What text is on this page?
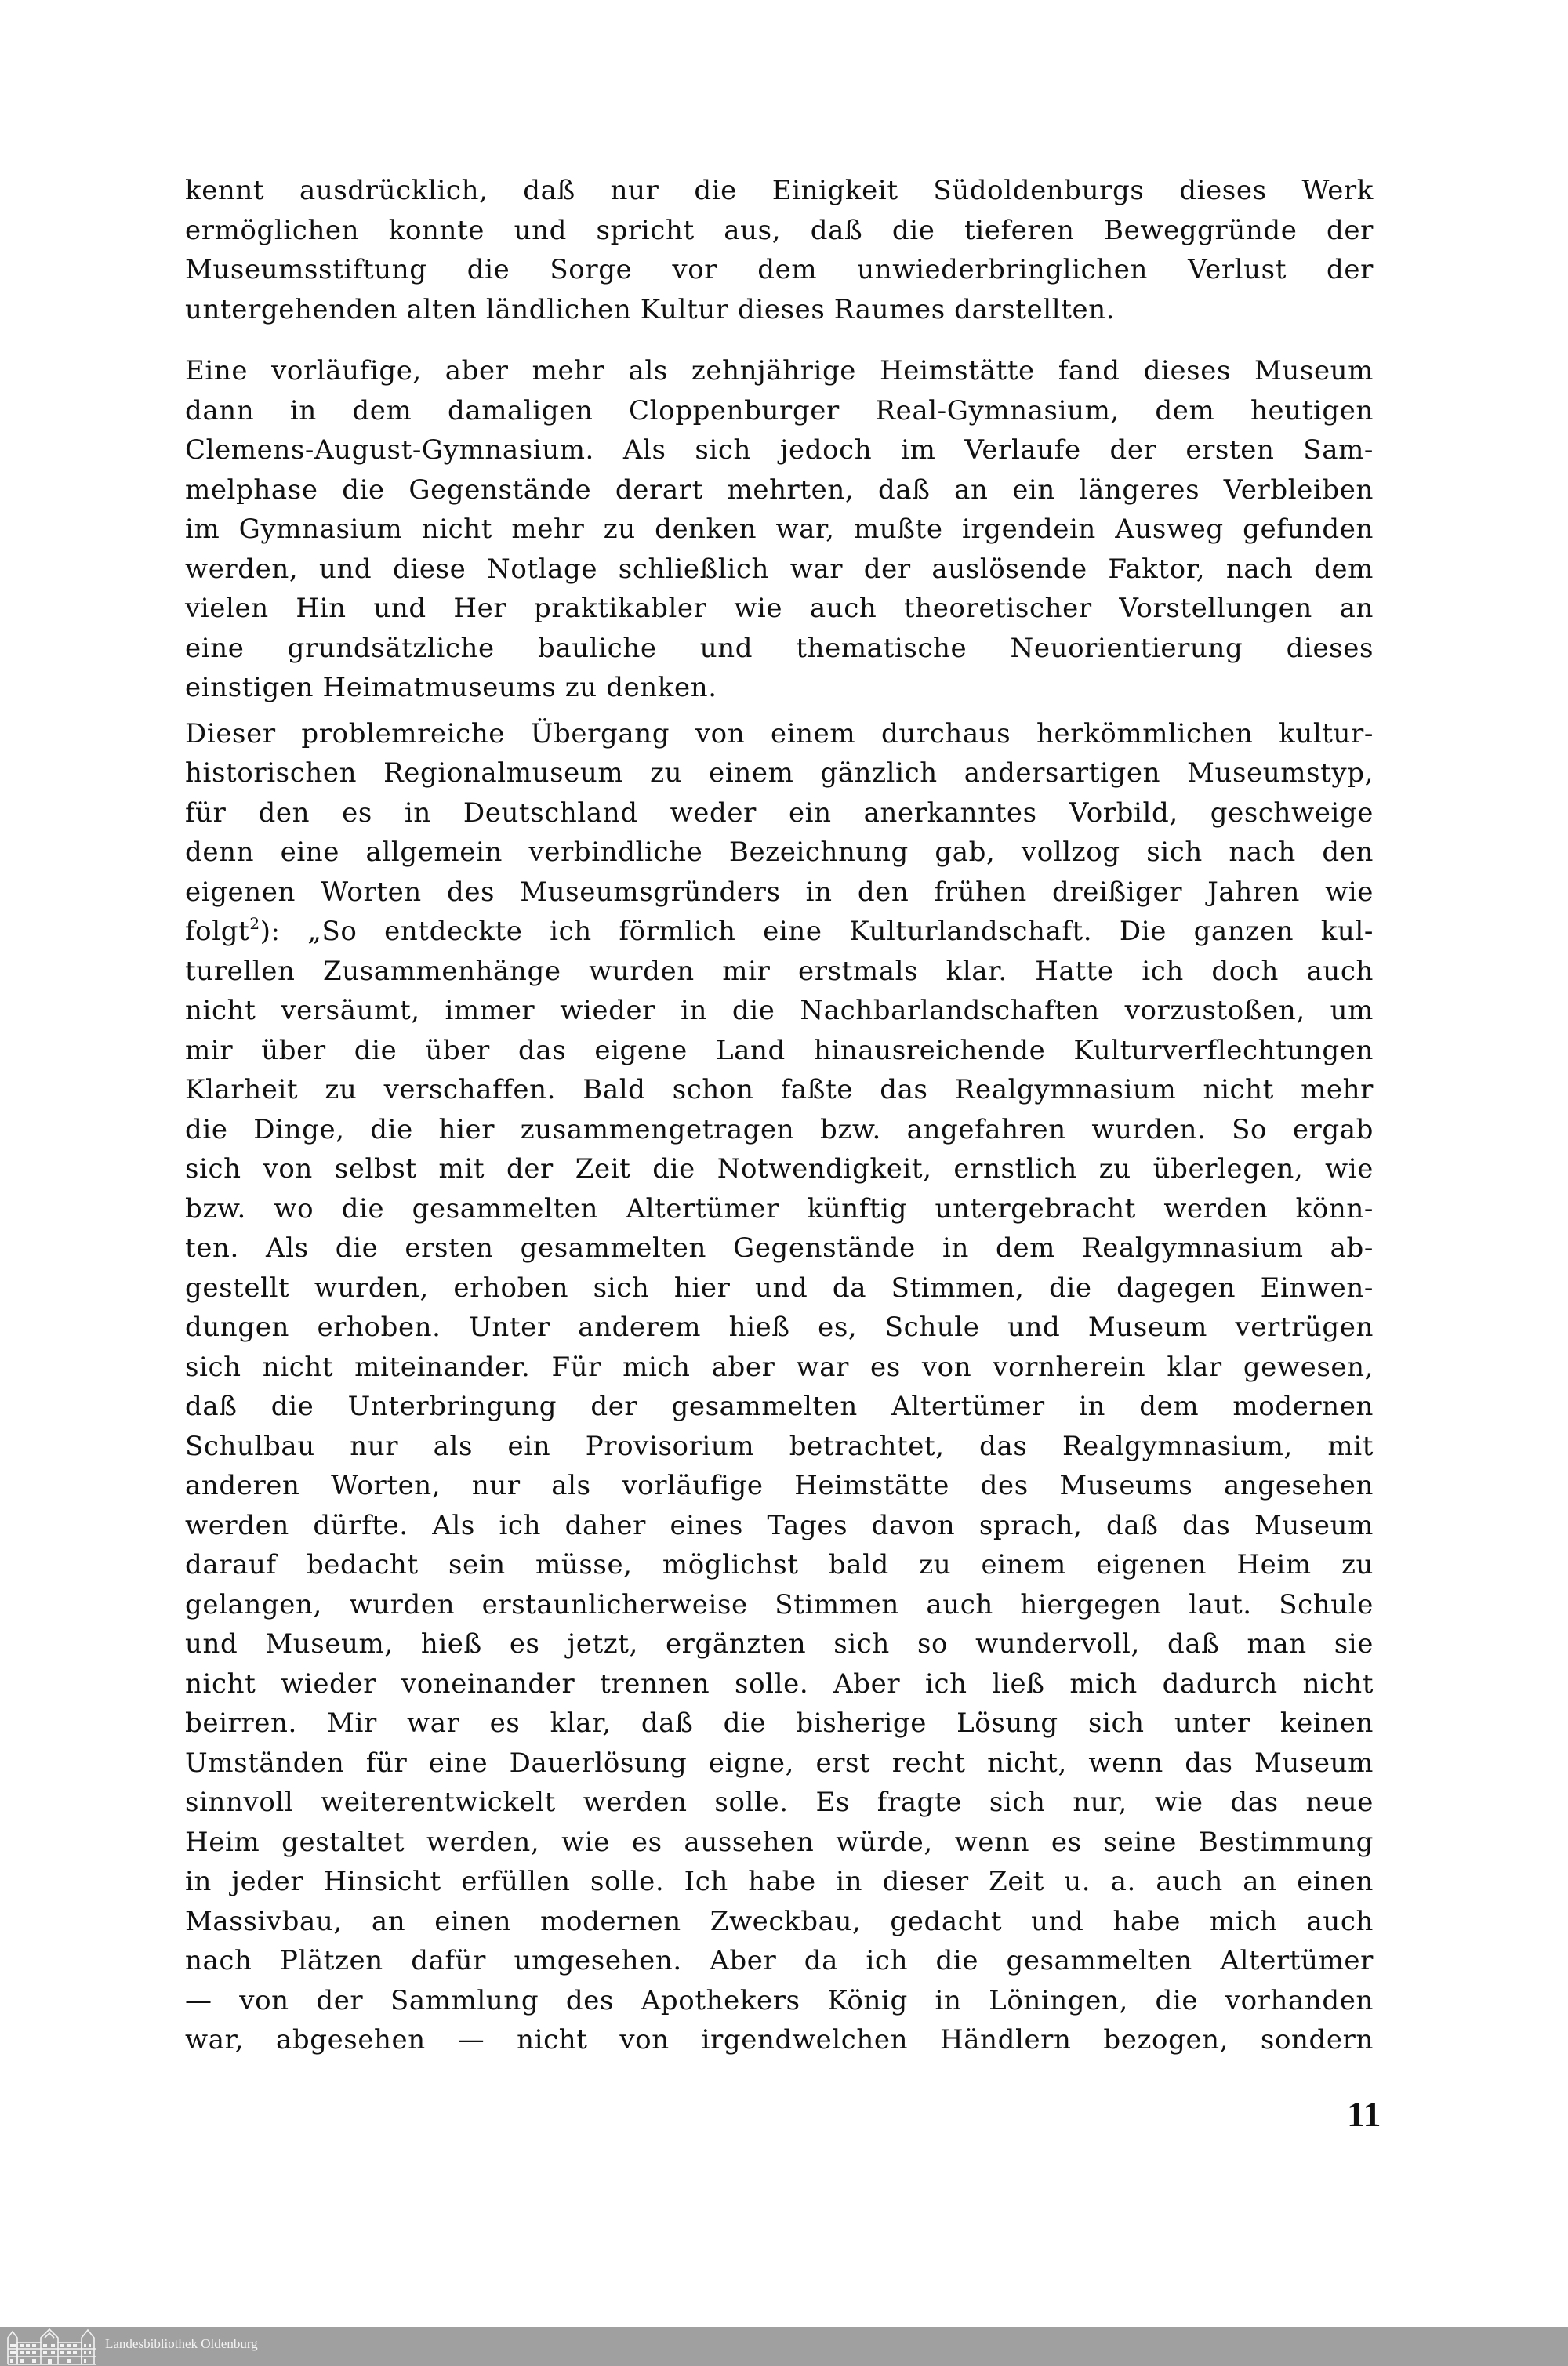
kennt ausdrücklich, daß nur die Einigkeit Südoldenburgs dieses Werk
ermöglichen konnte und spricht aus, daß die tieferen Beweggründe der
Museumsstiftung die Sorge vor dem unwiederbringlichen Verlust der
untergehenden alten ländlichen Kultur dieses Raumes darstellten.
Eine vorläufige, aber mehr als zehnjährige Heimstätte fand dieses Museum
dann in dem damaligen Cloppenburger Real-Gymnasium, dem heutigen
Clemens-August-Gymnasium. Als sich jedoch im Verlaufe der ersten Sam-
melphase die Gegenstände derart mehrten, daß an ein längeres Verbleiben
im Gymnasium nicht mehr zu denken war, mußte irgendein Ausweg gefunden
werden, und diese Notlage schließlich war der auslösende Faktor, nach dem
vielen Hin und Her praktikabler wie auch theoretischer Vorstellungen an
eine grundsätzliche bauliche und thematische Neuorientierung dieses
einstigen Heimatmuseums zu denken.
Dieser problemreiche Übergang von einem durchaus herkömmlichen kultur-
historischen Regionalmuseum zu einem gänzlich andersartigen Museumstyp,
für den es in Deutschland weder ein anerkanntes Vorbild, geschweige
denn eine allgemein verbindliche Bezeichnung gab, vollzog sich nach den
eigenen Worten des Museumsgründers in den frühen dreißiger Jahren wie
folgt$^2$): „So entdeckte ich förmlich eine Kulturlandschaft. Die ganzen kul-
turellen Zusammenhänge wurden mir erstmals klar. Hatte ich doch auch
nicht versäumt, immer wieder in die Nachbarlandschaften vorzustoßen, um
mir über die über das eigene Land hinausreichende Kulturverflechtungen
Klarheit zu verschaffen. Bald schon faßte das Realgymnasium nicht mehr
die Dinge, die hier zusammengetragen bzw. angefahren wurden. So ergab
sich von selbst mit der Zeit die Notwendigkeit, ernstlich zu überlegen, wie
bzw. wo die gesammelten Altertümer künftig untergebracht werden könn-
ten. Als die ersten gesammelten Gegenstände in dem Realgymnasium ab-
gestellt wurden, erhoben sich hier und da Stimmen, die dagegen Einwen-
dungen erhoben. Unter anderem hieß es, Schule und Museum vertrügen
sich nicht miteinander. Für mich aber war es von vornherein klar gewesen,
daß die Unterbringung der gesammelten Altertümer in dem modernen
Schulbau nur als ein Provisorium betrachtet, das Realgymnasium, mit
anderen Worten, nur als vorläufige Heimstätte des Museums angesehen
werden dürfte. Als ich daher eines Tages davon sprach, daß das Museum
darauf bedacht sein müsse, möglichst bald zu einem eigenen Heim zu
gelangen, wurden erstaunlicherweise Stimmen auch hiergegen laut. Schule
und Museum, hieß es jetzt, ergänzten sich so wundervoll, daß man sie
nicht wieder voneinander trennen solle. Aber ich ließ mich dadurch nicht
beirren. Mir war es klar, daß die bisherige Lösung sich unter keinen
Umständen für eine Dauerlösung eigne, erst recht nicht, wenn das Museum
sinnvoll weiterentwickelt werden solle. Es fragte sich nur, wie das neue
Heim gestaltet werden, wie es aussehen würde, wenn es seine Bestimmung
in jeder Hinsicht erfüllen solle. Ich habe in dieser Zeit u. a. auch an einen
Massivbau, an einen modernen Zweckbau, gedacht und habe mich auch
nach Plätzen dafür umgesehen. Aber da ich die gesammelten Altertümer
— von der Sammlung des Apothekers König in Löningen, die vorhanden
war, abgesehen — nicht von irgendwelchen Händlern bezogen, sondern
11
Landesbibliothek Oldenburg
